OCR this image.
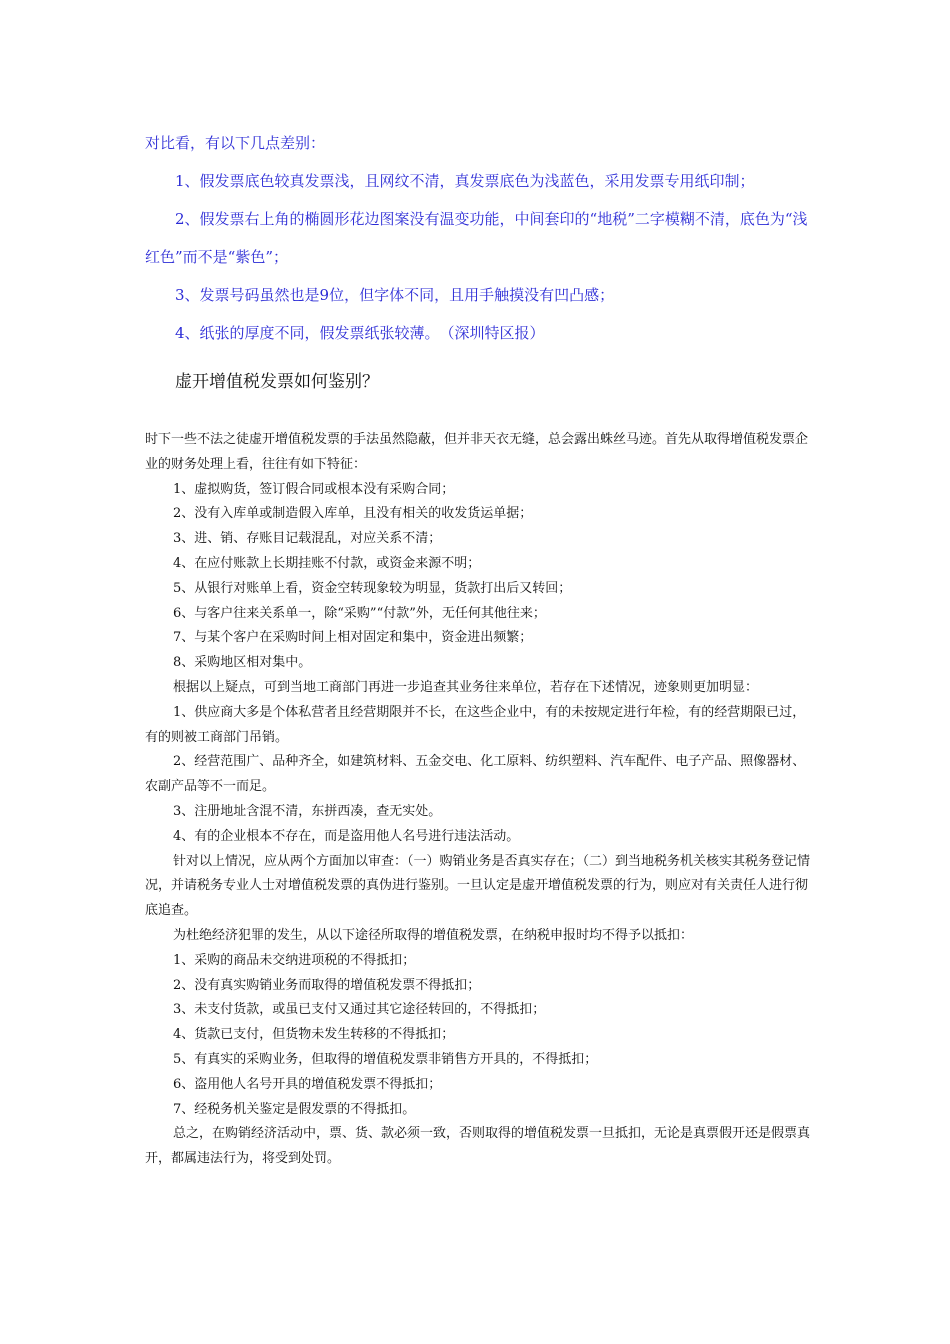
对比看，有以下几点差别：

1、假发票底色较真发票浅，且网纹不清，真发票底色为浅蓝色，采用发票专用纸印制；

2、假发票右上角的椭圆形花边图案没有温变功能，中间套印的“地税”二字模糊不清，底色为“浅红色”而不是“紫色”；

3、发票号码虽然也是9位，但字体不同，且用手触摸没有凹凸感；

4、纸张的厚度不同，假发票纸张较薄。　（深圳特区报）

虚开增值税发票如何鉴别？

时下一些不法之徒虚开增值税发票的手法虽然隐蔽，但并非天衣无缝，总会露出蛛丝马迹。首先从取得增值税发票企业的财务处理上看，往往有如下特征：

1、虚拟购货，签订假合同或根本没有采购合同；

2、没有入库单或制造假入库单，且没有相关的收发货运单据；

3、进、销、存账目记载混乱，对应关系不清；

4、在应付账款上长期挂账不付款，或资金来源不明；

5、从银行对账单上看，资金空转现象较为明显，货款打出后又转回；

6、与客户往来关系单一，除“采购”“付款”外，无任何其他往来；

7、与某个客户在采购时间上相对固定和集中，资金进出频繁；

8、采购地区相对集中。

根据以上疑点，可到当地工商部门再进一步追查其业务往来单位，若存在下述情况，迹象则更加明显：

1、供应商大多是个体私营者且经营期限并不长，在这些企业中，有的未按规定进行年检，有的经营期限已过，有的则被工商部门吊销。

2、经营范围广、品种齐全，如建筑材料、五金交电、化工原料、纺织塑料、汽车配件、电子产品、照像器材、农副产品等不一而足。

3、注册地址含混不清，东拼西凑，查无实处。

4、有的企业根本不存在，而是盗用他人名号进行违法活动。

针对以上情况，应从两个方面加以审查：（一）购销业务是否真实存在；（二）到当地税务机关核实其税务登记情况，并请税务专业人士对增值税发票的真伪进行鉴别。一旦认定是虚开增值税发票的行为，则应对有关责任人进行彻底追查。

为杜绝经济犯罪的发生，从以下途径所取得的增值税发票，在纳税申报时均不得予以抵扣：

1、采购的商品未交纳进项税的不得抵扣；

2、没有真实购销业务而取得的增值税发票不得抵扣；

3、未支付货款，或虽已支付又通过其它途径转回的，不得抵扣；

4、货款已支付，但货物未发生转移的不得抵扣；

5、有真实的采购业务，但取得的增值税发票非销售方开具的，不得抵扣；

6、盗用他人名号开具的增值税发票不得抵扣；

7、经税务机关鉴定是假发票的不得抵扣。

总之，在购销经济活动中，票、货、款必须一致，否则取得的增值税发票一旦抵扣，无论是真票假开还是假票真开，都属违法行为，将受到处罚。
